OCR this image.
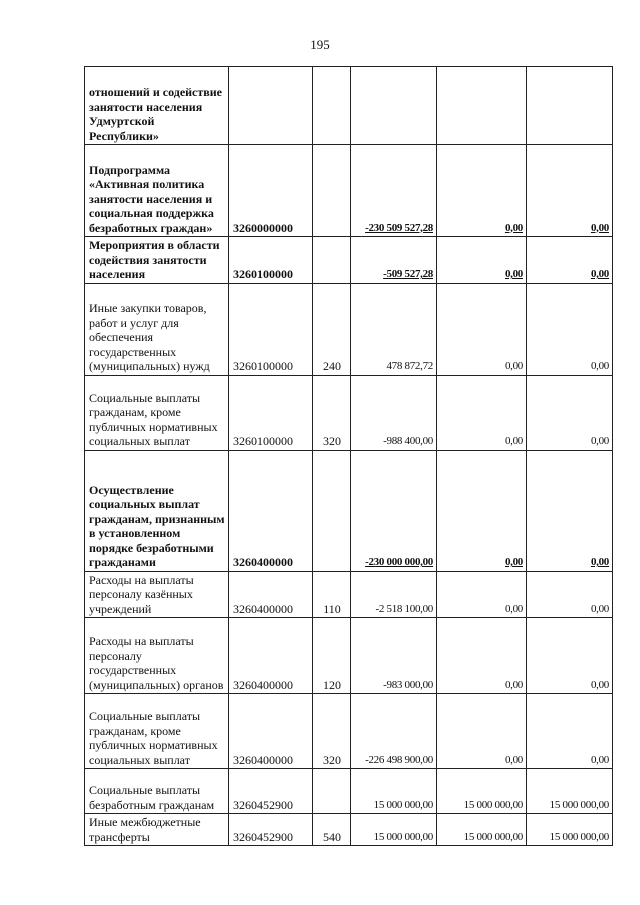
195
отношений и содействие занятости населения Удмуртской Республики»					

Подпрограмма «Активная политика занятости населения и социальная поддержка безработных граждан»	3260000000		-230 509 527,28	0,00	0,00

Мероприятия в области содействия занятости населения	3260100000		-509 527,28	0,00	0,00

Иные закупки товаров, работ и услуг для обеспечения государственных (муниципальных) нужд	3260100000	240	478 872,72	0,00	0,00

Социальные выплаты гражданам, кроме публичных нормативных социальных выплат	3260100000	320	-988 400,00	0,00	0,00

Осуществление социальных выплат гражданам, признанным в установленном порядке безработными гражданами	3260400000		-230 000 000,00	0,00	0,00

Расходы на выплаты персоналу казённых учреждений	3260400000	110	-2 518 100,00	0,00	0,00

Расходы на выплаты персоналу государственных (муниципальных) органов	3260400000	120	-983 000,00	0,00	0,00

Социальные выплаты гражданам, кроме публичных нормативных социальных выплат	3260400000	320	-226 498 900,00	0,00	0,00

Социальные выплаты безработным гражданам	3260452900		15 000 000,00	15 000 000,00	15 000 000,00

Иные межбюджетные трансферты	3260452900	540	15 000 000,00	15 000 000,00	15 000 000,00
